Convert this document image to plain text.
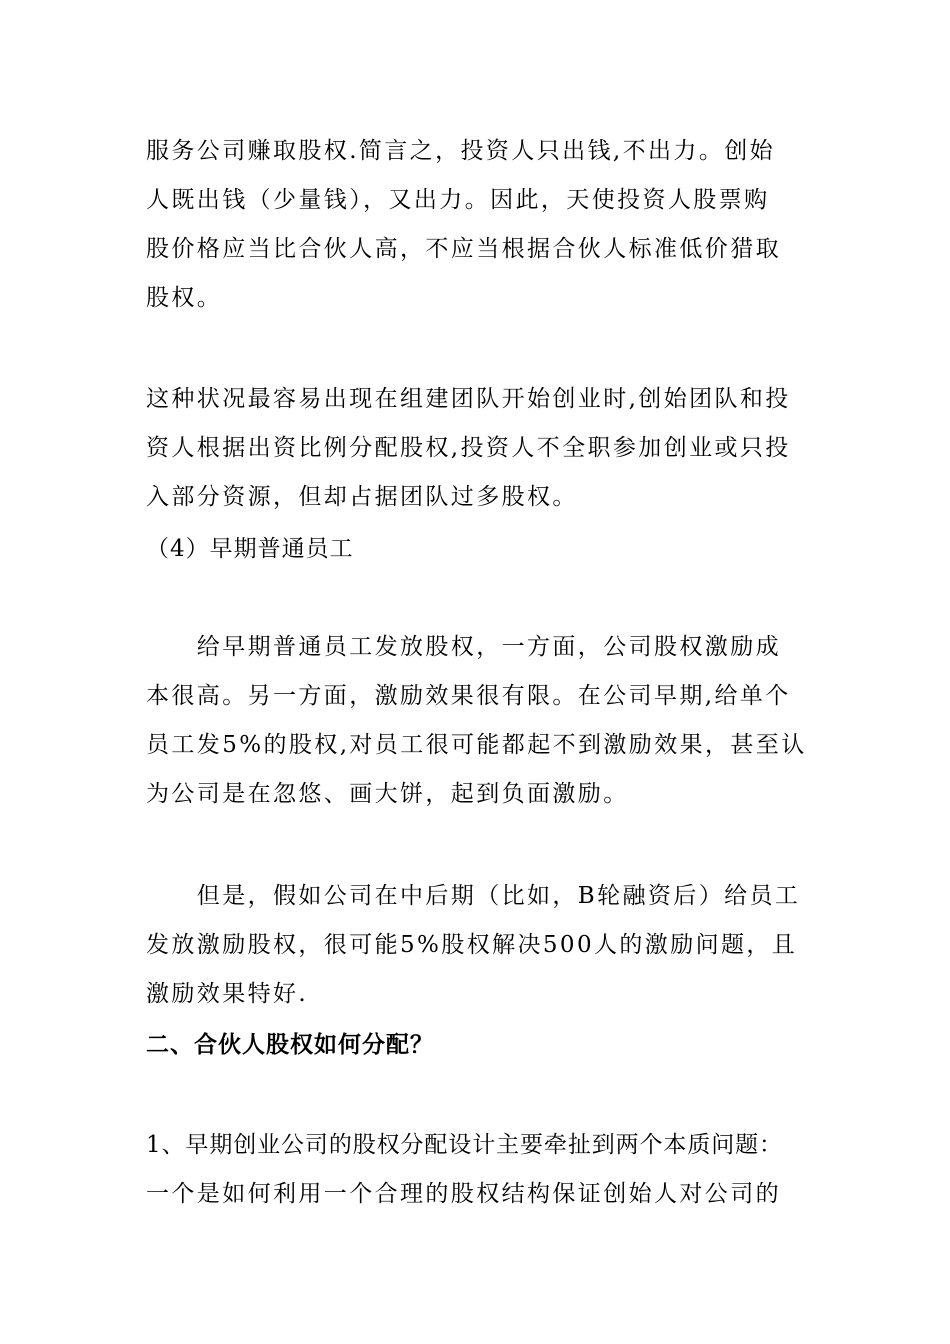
服务公司赚取股权.简言之，投资人只出钱,不出力。创始
人既出钱（少量钱），又出力。因此，天使投资人股票购
股价格应当比合伙人高，不应当根据合伙人标准低价猎取
股权。
这种状况最容易出现在组建团队开始创业时,创始团队和投
资人根据出资比例分配股权,投资人不全职参加创业或只投
入部分资源，但却占据团队过多股权。
（4）早期普通员工
　　给早期普通员工发放股权，一方面，公司股权激励成
本很高。另一方面，激励效果很有限。在公司早期,给单个
员工发5%的股权,对员工很可能都起不到激励效果，甚至认
为公司是在忽悠、画大饼，起到负面激励。
　　但是，假如公司在中后期（比如，B轮融资后）给员工
发放激励股权，很可能5%股权解决500人的激励问题，且
激励效果特好.
二、合伙人股权如何分配？
1、早期创业公司的股权分配设计主要牵扯到两个本质问题：
一个是如何利用一个合理的股权结构保证创始人对公司的
